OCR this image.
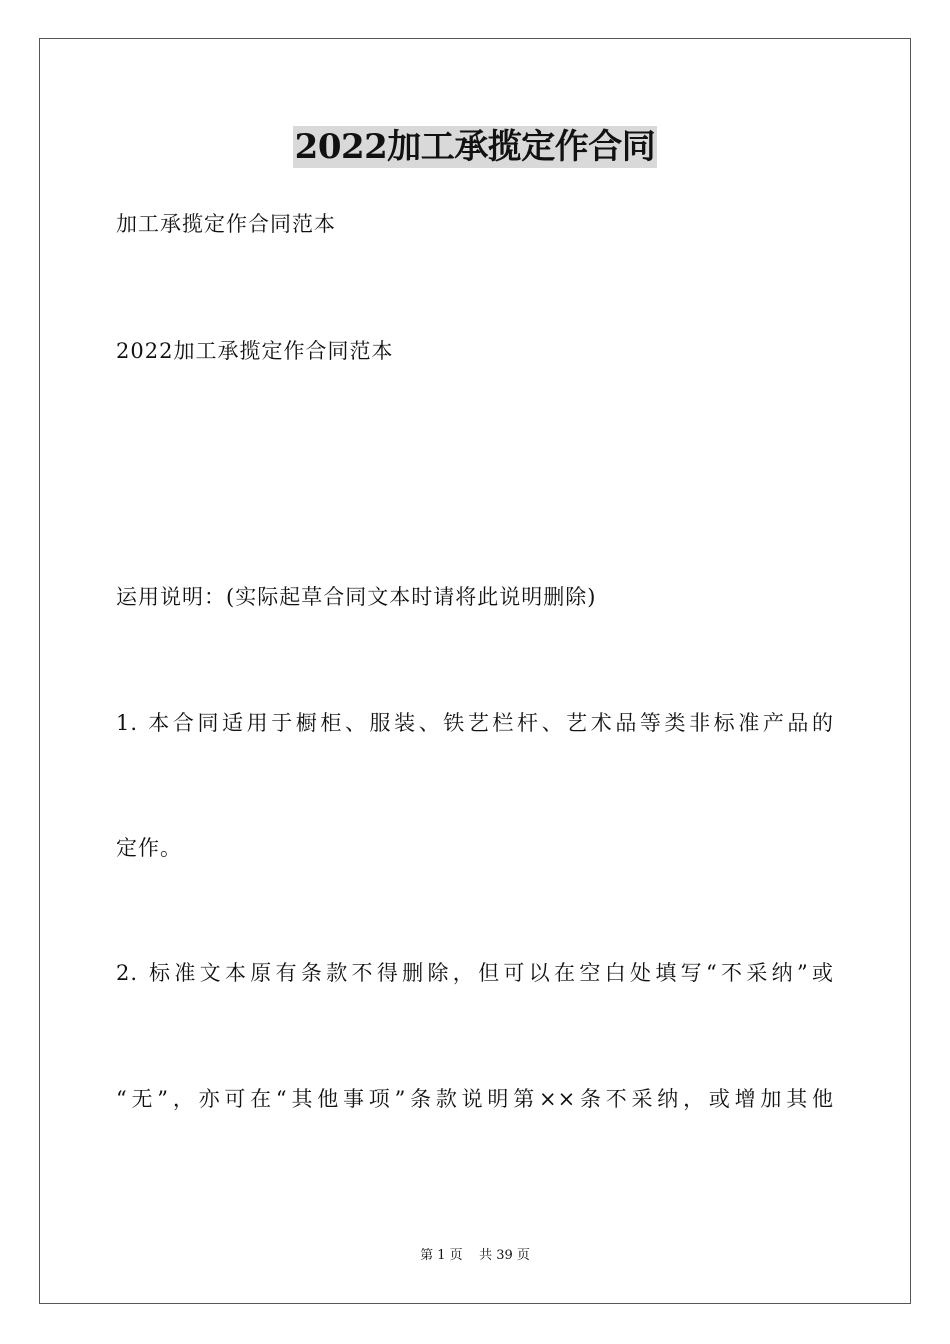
2022加工承揽定作合同
加工承揽定作合同范本
2022加工承揽定作合同范本
运用说明：(实际起草合同文本时请将此说明删除)
1. 本合同适用于橱柜、服装、铁艺栏杆、艺术品等类非标准产品的
定作。
2. 标准文本原有条款不得删除，但可以在空白处填写“不采纳”或
“无”，亦可在“其他事项”条款说明第××条不采纳，或增加其他
第 1 页    共 39 页
